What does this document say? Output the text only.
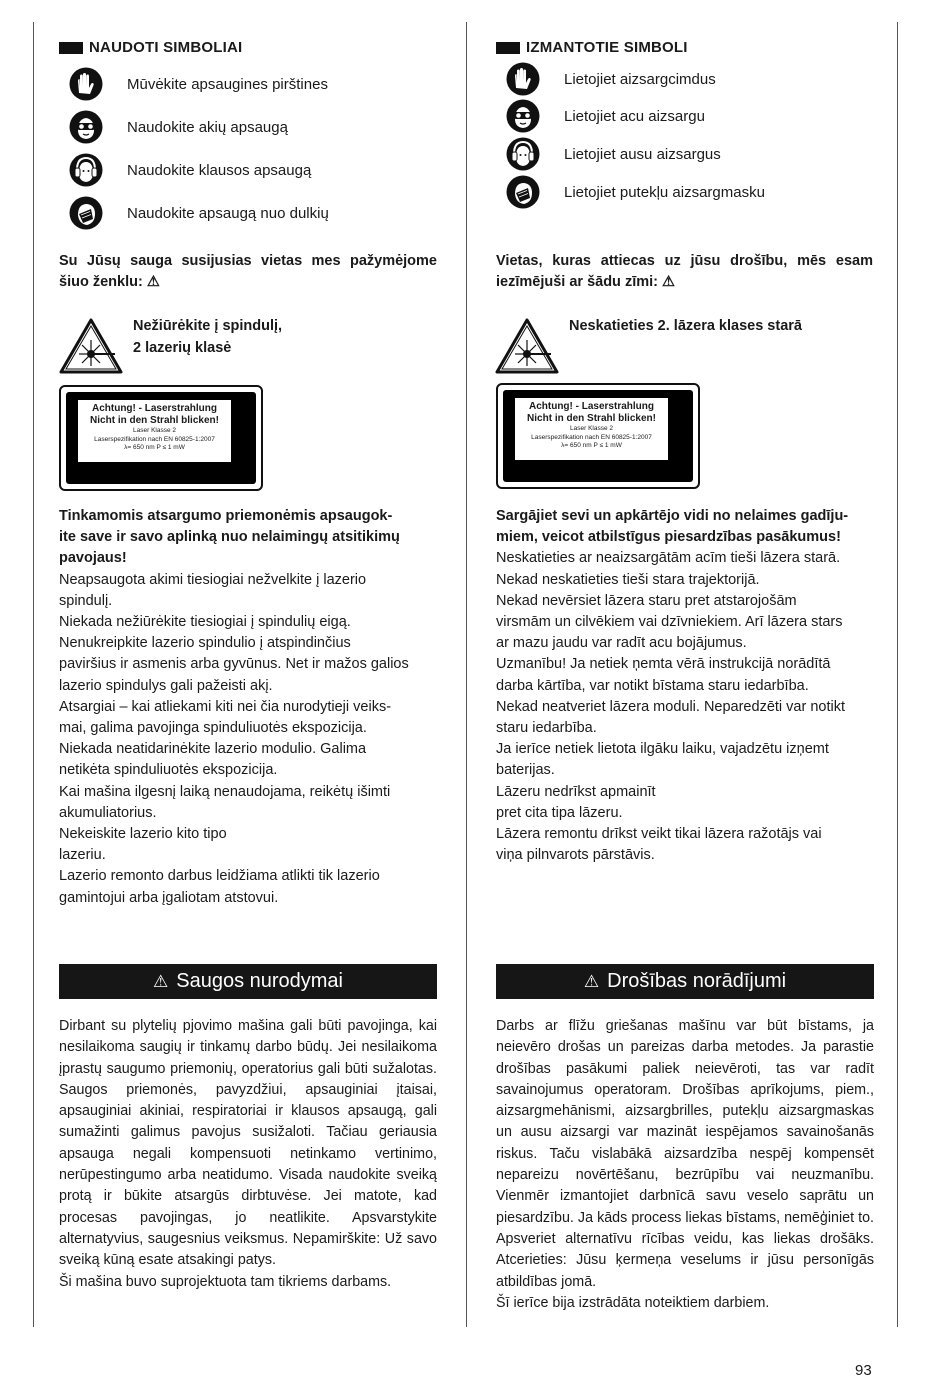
NAUDOTI SIMBOLIAI
Mūvėkite apsaugines pirštines
Naudokite akių apsaugą
Naudokite klausos apsaugą
Naudokite apsaugą nuo dulkių
Su Jūsų sauga susijusias vietas mes pažymėjome
šiuo ženklu: ⚠
Nežiūrėkite į spindulį,
2 lazerių klasė
Achtung! - Laserstrahlung
Nicht in den Strahl blicken!
Laser Klasse 2
Laserspezifikation nach EN 60825-1:2007
λ= 650 nm P ≤ 1 mW
Tinkamomis atsargumo priemonėmis apsaugok-
ite save ir savo aplinką nuo nelaimingų atsitikimų
pavojaus!
Neapsaugota akimi tiesiogiai nežvelkite į lazerio
spindulį.
Niekada nežiūrėkite tiesiogiai į spindulių eigą.
Nenukreipkite lazerio spindulio į atspindinčius
paviršius ir asmenis arba gyvūnus. Net ir mažos galios
lazerio spindulys gali pažeisti akį.
Atsargiai – kai atliekami kiti nei čia nurodytieji veiks-
mai, galima pavojinga spinduliuotės ekspozicija.
Niekada neatidarinėkite lazerio modulio. Galima
netikėta spinduliuotės ekspozicija.
Kai mašina ilgesnį laiką nenaudojama, reikėtų išimti
akumuliatorius.
Nekeiskite lazerio kito tipo
lazeriu.
Lazerio remonto darbus leidžiama atlikti tik lazerio
gamintojui arba įgaliotam atstovui.
⚠ Saugos nurodymai
Dirbant su plytelių pjovimo mašina gali būti pavojinga, kai nesilaikoma saugių ir tinkamų darbo būdų. Jei nesilaikoma įprastų saugumo priemonių, operatorius gali būti sužalotas. Saugos priemonės, pavyzdžiui, apsauginiai įtaisai, apsauginiai akiniai, respiratoriai ir klausos apsaugą, gali sumažinti galimus pavojus susižaloti. Tačiau geriausia apsauga negali kompensuoti netinkamo vertinimo, nerūpestingumo arba neatidumo. Visada naudokite sveiką protą ir būkite atsargūs dirbtuvėse. Jei matote, kad procesas pavojingas, jo neatlikite. Apsvarstykite alternatyvius, saugesnius veiksmus. Nepamirškite: Už savo sveiką kūną esate atsakingi patys.
Ši mašina buvo suprojektuota tam tikriems darbams.
IZMANTOTIE SIMBOLI
Lietojiet aizsargcimdus
Lietojiet acu aizsargu
Lietojiet ausu aizsargus
Lietojiet putekļu aizsargmasku
Vietas, kuras attiecas uz jūsu drošību, mēs esam
iezīmējuši ar šādu zīmi: ⚠
Neskatieties 2. lāzera klases starā
Achtung! - Laserstrahlung
Nicht in den Strahl blicken!
Laser Klasse 2
Laserspezifikation nach EN 60825-1:2007
λ= 650 nm P ≤ 1 mW
Sargājiet sevi un apkārtējo vidi no nelaimes gadīju-
miem, veicot atbilstīgus piesardzības pasākumus!
Neskatieties ar neaizsargātām acīm tieši lāzera starā.
Nekad neskatieties tieši stara trajektorijā.
Nekad nevērsiet lāzera staru pret atstarojošām
virsmām un cilvēkiem vai dzīvniekiem. Arī lāzera stars
ar mazu jaudu var radīt acu bojājumus.
Uzmanību! Ja netiek ņemta vērā instrukcijā norādītā
darba kārtība, var notikt bīstama staru iedarbība.
Nekad neatveriet lāzera moduli. Neparedzēti var notikt
staru iedarbība.
Ja ierīce netiek lietota ilgāku laiku, vajadzētu izņemt
baterijas.
Lāzeru nedrīkst apmainīt
pret cita tipa lāzeru.
Lāzera remontu drīkst veikt tikai lāzera ražotājs vai
viņa pilnvarots pārstāvis.
⚠ Drošības norādījumi
Darbs ar flīžu griešanas mašīnu var būt bīstams, ja neievēro drošas un pareizas darba metodes. Ja parastie drošības pasākumi paliek neievēroti, tas var radīt savainojumus operatoram. Drošības aprīkojums, piem., aizsargmehānismi, aizsargbrilles, putekļu aizsargmaskas un ausu aizsargi var mazināt iespējamos savainošanās riskus. Taču vislabākā aizsardzība nespēj kompensēt nepareizu novērtēšanu, bezrūpību vai neuzmanību. Vienmēr izmantojiet darbnīcā savu veselo saprātu un piesardzību. Ja kāds process liekas bīstams, nemēģiniet to. Apsveriet alternatīvu rīcības veidu, kas liekas drošāks. Atcerieties: Jūsu ķermeņa veselums ir jūsu personīgās atbildības jomā.
Šī ierīce bija izstrādāta noteiktiem darbiem.
93
